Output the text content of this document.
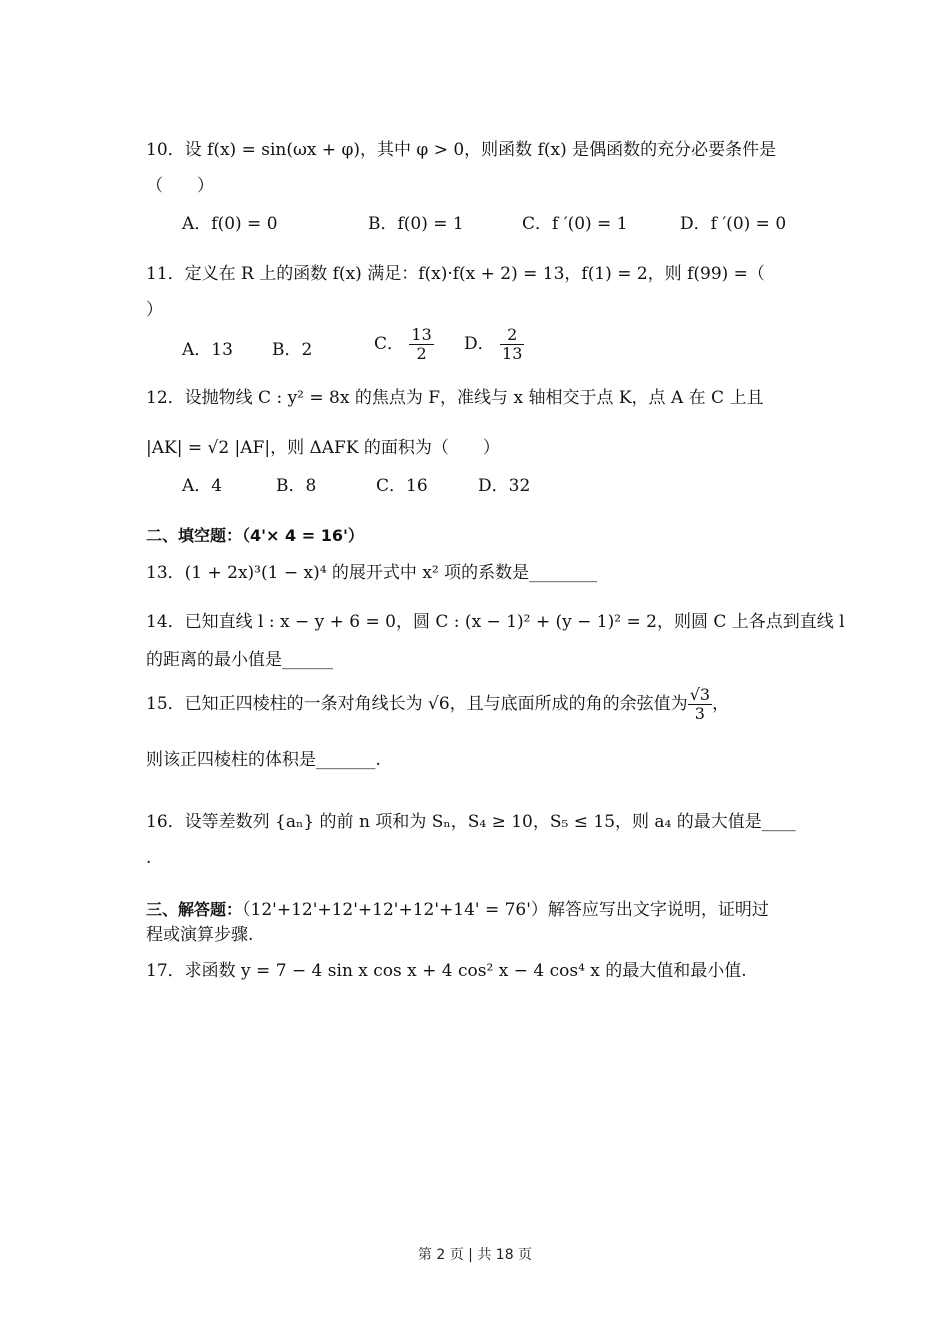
10．设 f(x) = sin(ωx + φ)，其中 φ > 0，则函数 f(x) 是偶函数的充分必要条件是
（　　）
A．f(0) = 0	B．f(0) = 1	C．f ′(0) = 1	D．f ′(0) = 0
11．定义在 R 上的函数 f(x) 满足：f(x)·f(x + 2) = 13，f(1) = 2，则 f(99) =（
）
A．13 B．2	C． $\frac{13}{2}$ D． $\frac{2}{13}$
12．设抛物线 C : y² = 8x 的焦点为 F，准线与 x 轴相交于点 K，点 A 在 C 上且
|AK| = √2 |AF|，则 ΔAFK 的面积为（　　）
A．4	B．8	C．16	D．32
二、填空题：（4'× 4 = 16'）
13．(1 + 2x)³(1 − x)⁴ 的展开式中 x² 项的系数是________
14．已知直线 l : x − y + 6 = 0，圆 C : (x − 1)² + (y − 1)² = 2，则圆 C 上各点到直线 l
的距离的最小值是______
15．已知正四棱柱的一条对角线长为 √6，且与底面所成的角的余弦值为 $\frac{√3}{3}$ ，
则该正四棱柱的体积是_______.
16．设等差数列 {aₙ} 的前 n 项和为 Sₙ，S₄ ≥ 10，S₅ ≤ 15，则 a₄ 的最大值是____
.
三、解答题：（12'+12'+12'+12'+12'+14' = 76'）解答应写出文字说明，证明过
程或演算步骤.
17．求函数 y = 7 − 4 sin x cos x + 4 cos² x − 4 cos⁴ x 的最大值和最小值.
第 2 页 | 共 18 页
